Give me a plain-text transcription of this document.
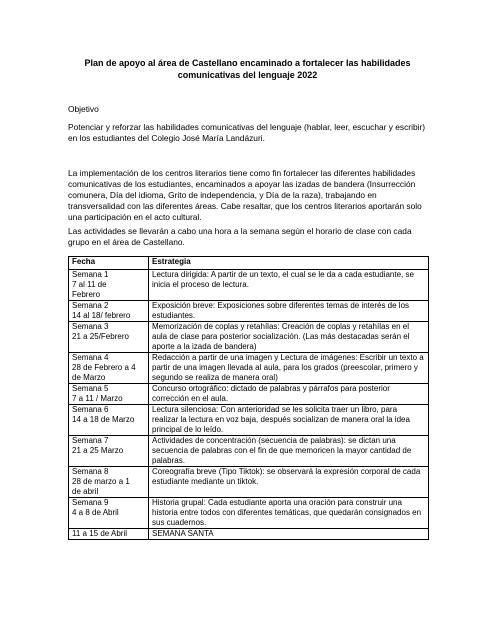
Plan de apoyo al área de Castellano encaminado a fortalecer las habilidades
comunicativas del lenguaje 2022
Objetivo
Potenciar y reforzar las habilidades comunicativas del lenguaje (hablar, leer, escuchar y escribir) en los estudiantes del Colegio José María Landázuri.
La implementación de los centros literarios tiene como fin fortalecer las diferentes habilidades comunicativas de los estudiantes, encaminados a apoyar las izadas de bandera (Insurrección comunera, Día del idioma, Grito de independencia, y Día de la raza), trabajando en transversalidad con las diferentes áreas. Cabe resaltar, que los centros literarios aportarán solo una participación en el acto cultural.
Las actividades se llevarán a cabo una hora a la semana según el horario de clase con cada grupo en el área de Castellano.
Fecha	Estrategia

Semana 1
7 al 11 de
Febrero	Lectura dirigida: A partir de un texto, el cual se le da a cada estudiante, se inicia el proceso de lectura.

Semana 2
14 al 18/ febrero	Exposición breve: Exposiciones sobre diferentes temas de interés de los estudiantes.

Semana 3
21 a 25/Febrero	Memorización de coplas y retahílas: Creación de coplas y retahílas en el aula de clase para posterior socialización. (Las más destacadas serán el aporte a la izada de bandera)

Semana 4
28 de Febrero a 4
de Marzo	Redacción a partir de una imagen y Lectura de imágenes: Escribir un texto a partir de una imagen llevada al aula, para los grados (preescolar, primero y segundo se realiza de manera oral)

Semana 5
7 a 11 / Marzo	Concurso ortográfico: dictado de palabras y párrafos para posterior corrección en el aula.

Semana 6
14 a 18 de Marzo	Lectura silenciosa: Con anterioridad se les solicita traer un libro, para realizar la lectura en voz baja, después socializan de manera oral la idea principal de lo leído.

Semana 7
21 a 25 Marzo	Actividades de concentración (secuencia de palabras): se dictan una secuencia de palabras con el fin de que memoricen la mayor cantidad de palabras.

Semana 8
28 de marzo a 1
de abril	Coreografía breve (Tipo Tiktok): se observará la expresión corporal de cada estudiante mediante un tiktok.

Semana 9
4 a 8 de Abril	Historia grupal: Cada estudiante aporta una oración para construir una historia entre todos con diferentes temáticas, que quedarán consignados en sus cuadernos.

11 a 15 de Abril	SEMANA SANTA
